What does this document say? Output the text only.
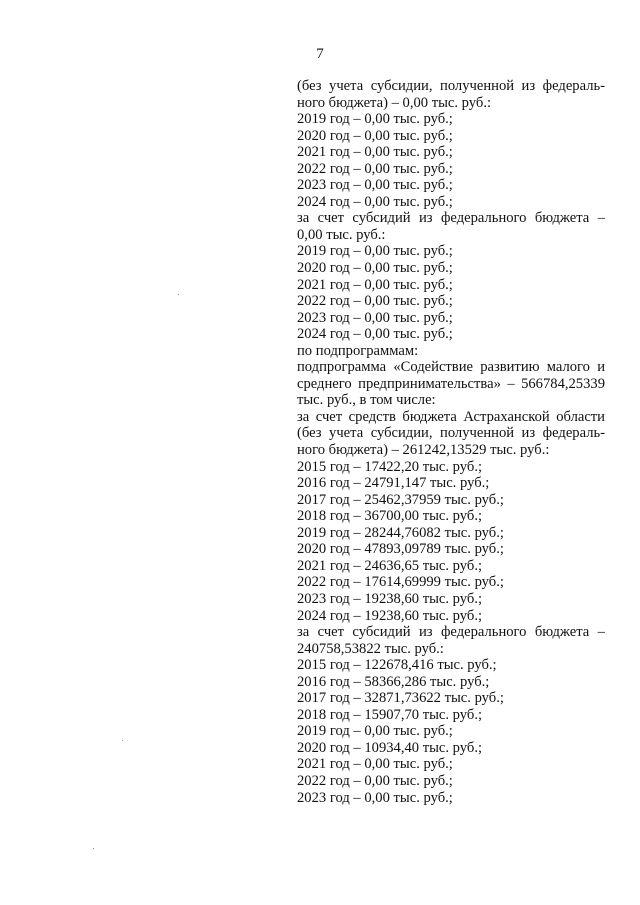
7
(без учета субсидии, полученной из федераль-
ного бюджета) – 0,00 тыс. руб.:
2019 год – 0,00 тыс. руб.;
2020 год – 0,00 тыс. руб.;
2021 год – 0,00 тыс. руб.;
2022 год – 0,00 тыс. руб.;
2023 год – 0,00 тыс. руб.;
2024 год – 0,00 тыс. руб.;
за счет субсидий из федерального бюджета –
0,00 тыс. руб.:
2019 год – 0,00 тыс. руб.;
2020 год – 0,00 тыс. руб.;
2021 год – 0,00 тыс. руб.;
2022 год – 0,00 тыс. руб.;
2023 год – 0,00 тыс. руб.;
2024 год – 0,00 тыс. руб.;
по подпрограммам:
подпрограмма «Содействие развитию малого и
среднего предпринимательства» – 566784,25339
тыс. руб., в том числе:
за счет средств бюджета Астраханской области
(без учета субсидии, полученной из федераль-
ного бюджета) – 261242,13529 тыс. руб.:
2015 год – 17422,20 тыс. руб.;
2016 год – 24791,147 тыс. руб.;
2017 год – 25462,37959 тыс. руб.;
2018 год – 36700,00 тыс. руб.;
2019 год – 28244,76082 тыс. руб.;
2020 год – 47893,09789 тыс. руб.;
2021 год – 24636,65 тыс. руб.;
2022 год – 17614,69999 тыс. руб.;
2023 год – 19238,60 тыс. руб.;
2024 год – 19238,60 тыс. руб.;
за счет субсидий из федерального бюджета –
240758,53822 тыс. руб.:
2015 год – 122678,416 тыс. руб.;
2016 год – 58366,286 тыс. руб.;
2017 год – 32871,73622 тыс. руб.;
2018 год – 15907,70 тыс. руб.;
2019 год – 0,00 тыс. руб.;
2020 год – 10934,40 тыс. руб.;
2021 год – 0,00 тыс. руб.;
2022 год – 0,00 тыс. руб.;
2023 год – 0,00 тыс. руб.;
